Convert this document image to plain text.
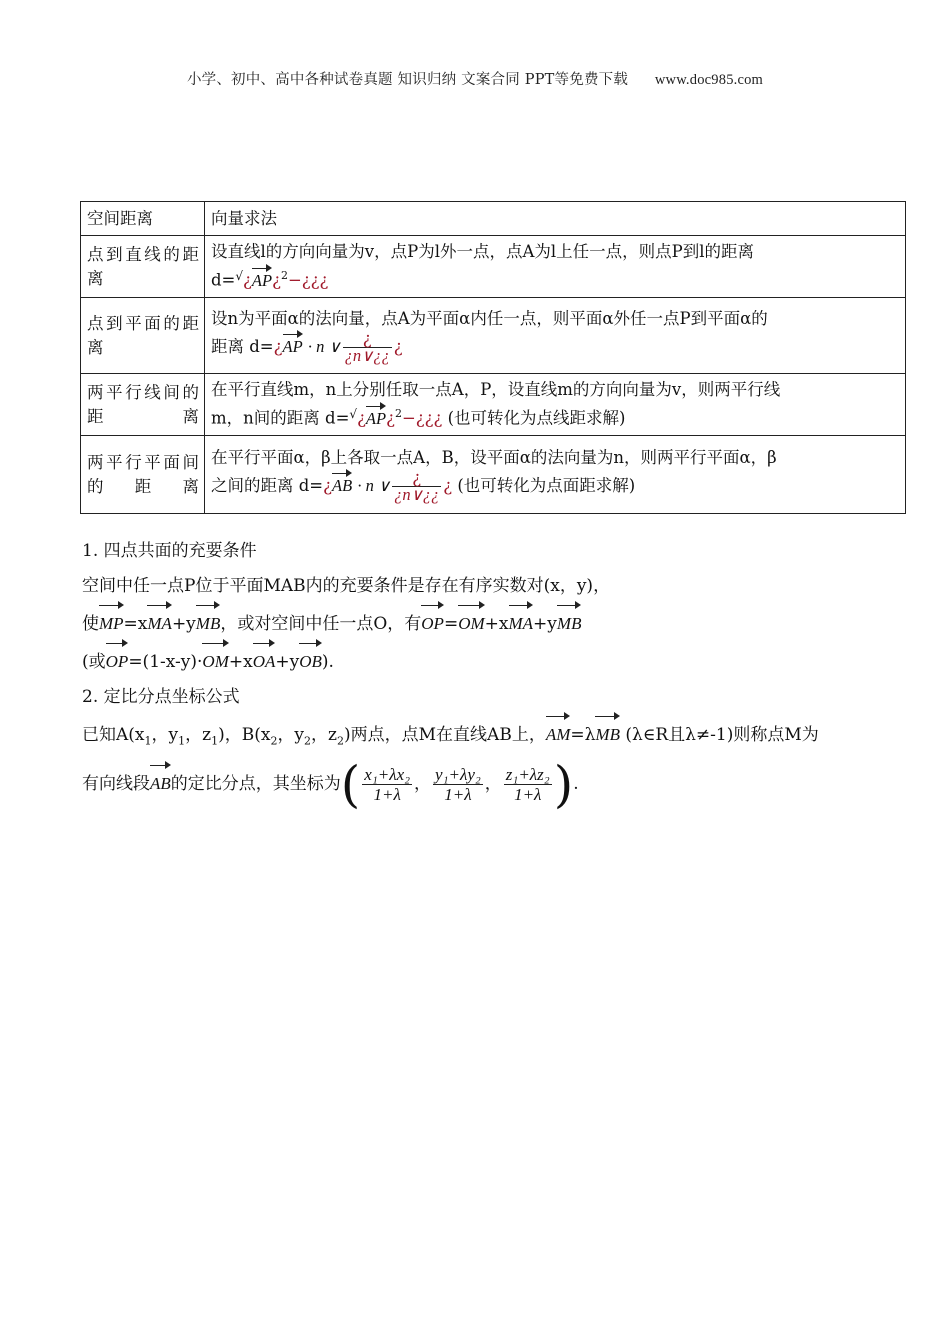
小学、初中、高中各种试卷真题 知识归纳 文案合同 PPT等免费下载 www.doc985.com
空间距离	向量求法
点到直线的距离	设直线l的方向向量为v，点P为l外一点，点A为l上任一点，则点P到l的距离
d=√¿AP¿$^2$−¿¿¿
点到平面的距离	设n为平面α的法向量，点A为平面α内任一点，则平面α外任一点P到平面α的
距离 d=¿AP · n ∨ $\frac{¿}{¿n\vee¿¿}$ ¿
两平行线间的距离	在平行直线m，n上分别任取一点A，P，设直线m的方向向量为v，则两平行线
m，n间的距离 d=√¿AP¿$^2$−¿¿¿ (也可转化为点线距求解)
两平行平面间的距离	在平行平面α，β上各取一点A，B，设平面α的法向量为n，则两平行平面α，β
之间的距离 d=¿AB · n ∨ $\frac{¿}{¿n\vee¿¿}$ ¿ (也可转化为点面距求解)
1. 四点共面的充要条件
空间中任一点P位于平面MAB内的充要条件是存在有序实数对(x，y)，
使MP=xMA+yMB，或对空间中任一点O，有OP=OM+xMA+yMB
(或OP=(1-x-y)·OM+xOA+yOB).
2. 定比分点坐标公式
已知$A(x_1$，$y_1$，$z_1$)，$B(x_2$，$y_2$，$z_2$)两点，点M在直线AB上，AM=λMB (λ∈R且λ≠-1)则称点M为
有向线段AB的定比分点，其坐标为( $\frac{\text{x₁+λx₂}}{1+\lambda}$ ， $\frac{\text{y₁+λy₂}}{1+\lambda}$ ， $\frac{\text{z₁+λz₂}}{1+\lambda}$ ).
